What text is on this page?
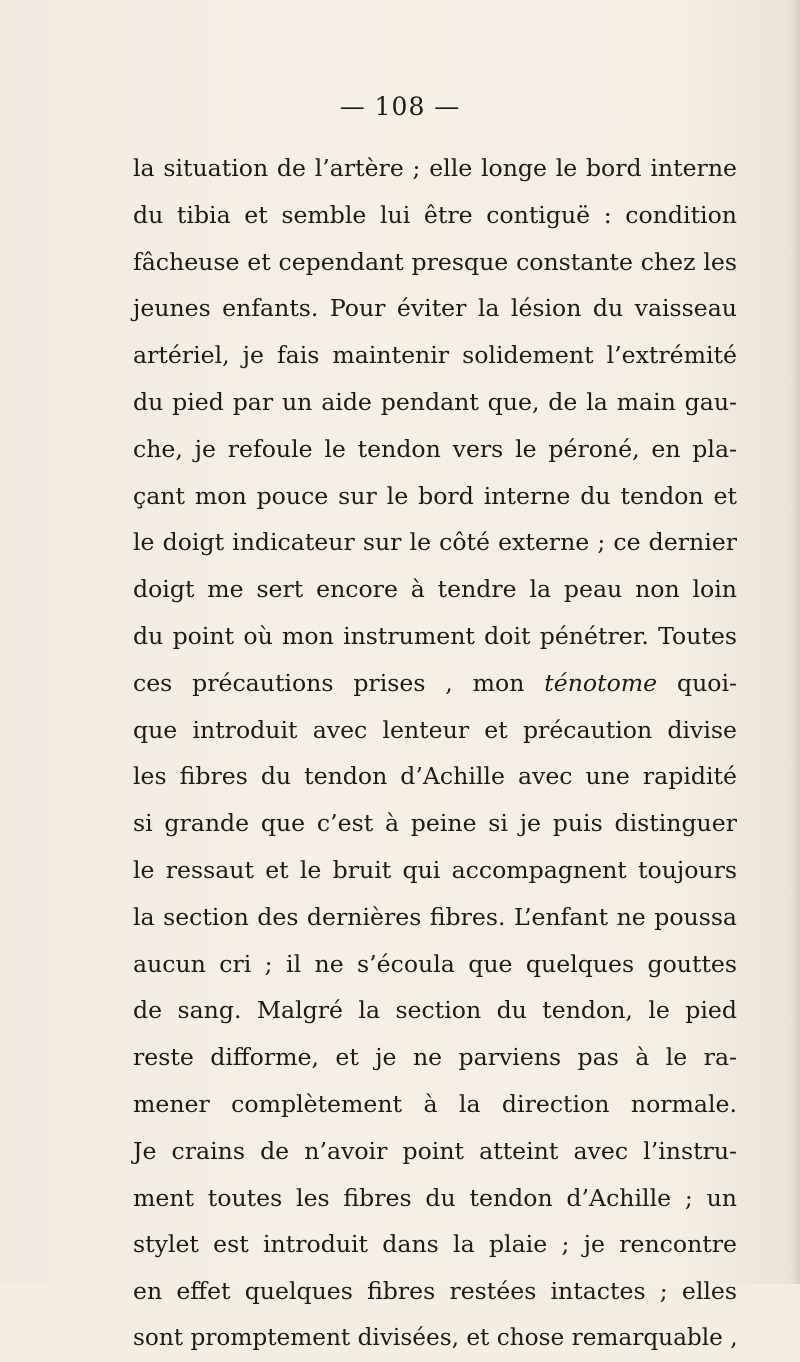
— 108 —
la situation de l’artère ; elle longe le bord interne
du tibia et semble lui être contiguë : condition
fâcheuse et cependant presque constante chez les
jeunes enfants. Pour éviter la lésion du vaisseau
artériel, je fais maintenir solidement l’extrémité
du pied par un aide pendant que, de la main gau-
che, je refoule le tendon vers le péroné, en pla-
çant mon pouce sur le bord interne du tendon et
le doigt indicateur sur le côté externe ; ce dernier
doigt me sert encore à tendre la peau non loin
du point où mon instrument doit pénétrer. Toutes
ces précautions prises , mon ténotome quoi-
que introduit avec lenteur et précaution divise
les fibres du tendon d’Achille avec une rapidité
si grande que c’est à peine si je puis distinguer
le ressaut et le bruit qui accompagnent toujours
la section des dernières fibres. L’enfant ne poussa
aucun cri ; il ne s’écoula que quelques gouttes
de sang. Malgré la section du tendon, le pied
reste difforme, et je ne parviens pas à le ra-
mener complètement à la direction normale.
Je crains de n’avoir point atteint avec l’instru-
ment toutes les fibres du tendon d’Achille ; un
stylet est introduit dans la plaie ; je rencontre
en effet quelques fibres restées intactes ; elles
sont promptement divisées, et chose remarquable ,
